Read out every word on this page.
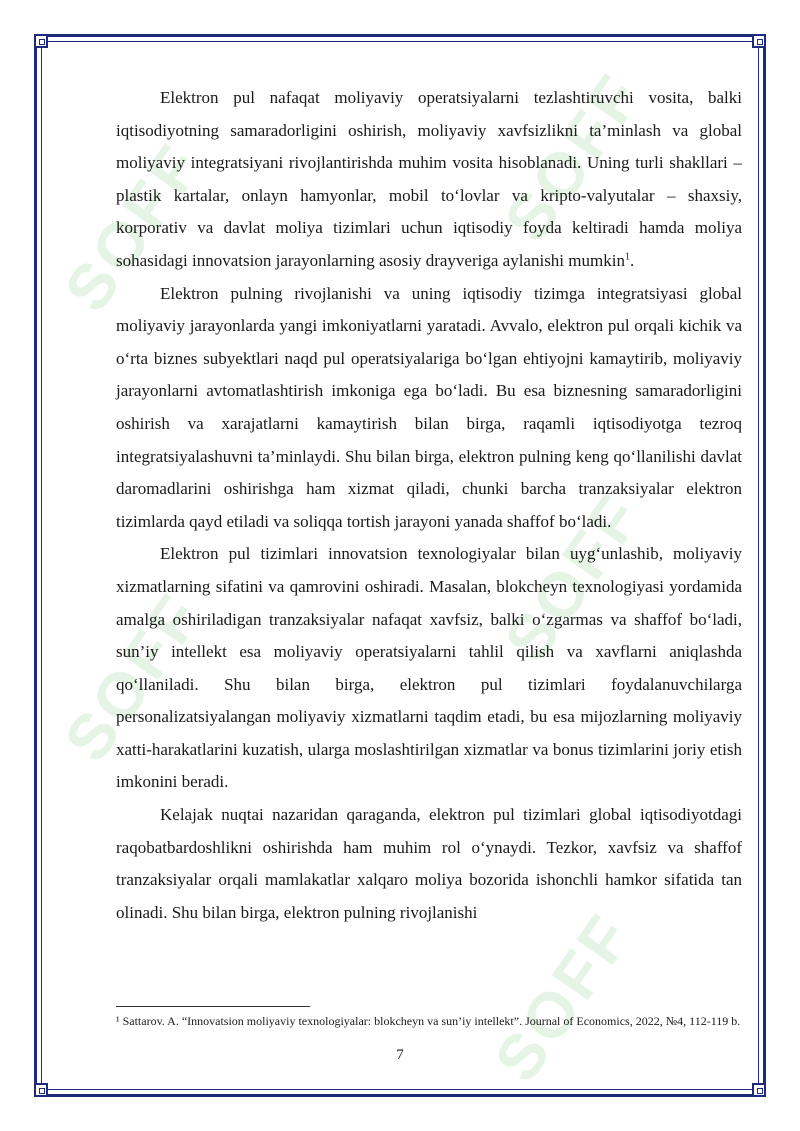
SOFF
SOFF
SOFF
SOFF
SOFF

Elektron pul nafaqat moliyaviy operatsiyalarni tezlashtiruvchi vosita, balki iqtisodiyotning samaradorligini oshirish, moliyaviy xavfsizlikni ta’minlash va global moliyaviy integratsiyani rivojlantirishda muhim vosita hisoblanadi. Uning turli shakllari – plastik kartalar, onlayn hamyonlar, mobil to‘lovlar va kripto-valyutalar – shaxsiy, korporativ va davlat moliya tizimlari uchun iqtisodiy foyda keltiradi hamda moliya sohasidagi innovatsion jarayonlarning asosiy drayveriga aylanishi mumkin$^1$.

Elektron pulning rivojlanishi va uning iqtisodiy tizimga integratsiyasi global moliyaviy jarayonlarda yangi imkoniyatlarni yaratadi. Avvalo, elektron pul orqali kichik va o‘rta biznes subyektlari naqd pul operatsiyalariga bo‘lgan ehtiyojni kamaytirib, moliyaviy jarayonlarni avtomatlashtirish imkoniga ega bo‘ladi. Bu esa biznesning samaradorligini oshirish va xarajatlarni kamaytirish bilan birga, raqamli iqtisodiyotga tezroq integratsiyalashuvni ta’minlaydi. Shu bilan birga, elektron pulning keng qo‘llanilishi davlat daromadlarini oshirishga ham xizmat qiladi, chunki barcha tranzaksiyalar elektron tizimlarda qayd etiladi va soliqqa tortish jarayoni yanada shaffof bo‘ladi.

Elektron pul tizimlari innovatsion texnologiyalar bilan uyg‘unlashib, moliyaviy xizmatlarning sifatini va qamrovini oshiradi. Masalan, blokcheyn texnologiyasi yordamida amalga oshiriladigan tranzaksiyalar nafaqat xavfsiz, balki o‘zgarmas va shaffof bo‘ladi, sun’iy intellekt esa moliyaviy operatsiyalarni tahlil qilish va xavflarni aniqlashda qo‘llaniladi. Shu bilan birga, elektron pul tizimlari foydalanuvchilarga personalizatsiyalangan moliyaviy xizmatlarni taqdim etadi, bu esa mijozlarning moliyaviy xatti-harakatlarini kuzatish, ularga moslashtirilgan xizmatlar va bonus tizimlarini joriy etish imkonini beradi.

Kelajak nuqtai nazaridan qaraganda, elektron pul tizimlari global iqtisodiyotdagi raqobatbardoshlikni oshirishda ham muhim rol o‘ynaydi. Tezkor, xavfsiz va shaffof tranzaksiyalar orqali mamlakatlar xalqaro moliya bozorida ishonchli hamkor sifatida tan olinadi. Shu bilan birga, elektron pulning rivojlanishi

¹ Sattarov. A. “Innovatsion moliyaviy texnologiyalar: blokcheyn va sun’iy intellekt”. Journal of Economics, 2022, №4, 112-119 b.
7
